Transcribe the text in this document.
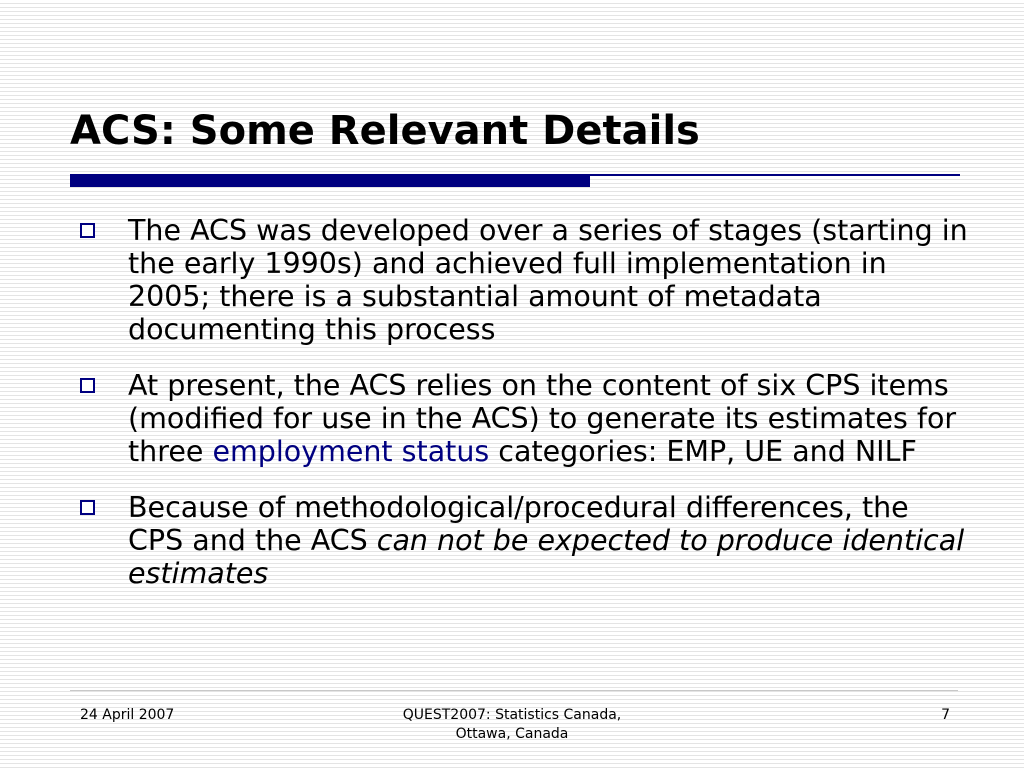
ACS: Some Relevant Details
The ACS was developed over a series of stages (starting in the early 1990s) and achieved full implementation in 2005; there is a substantial amount of metadata documenting this process
At present, the ACS relies on the content of six CPS items (modified for use in the ACS) to generate its estimates for three employment status categories: EMP, UE and NILF
Because of methodological/procedural differences, the CPS and the ACS can not be expected to produce identical estimates
24 April 2007	QUEST2007: Statistics Canada,
Ottawa, Canada
7
